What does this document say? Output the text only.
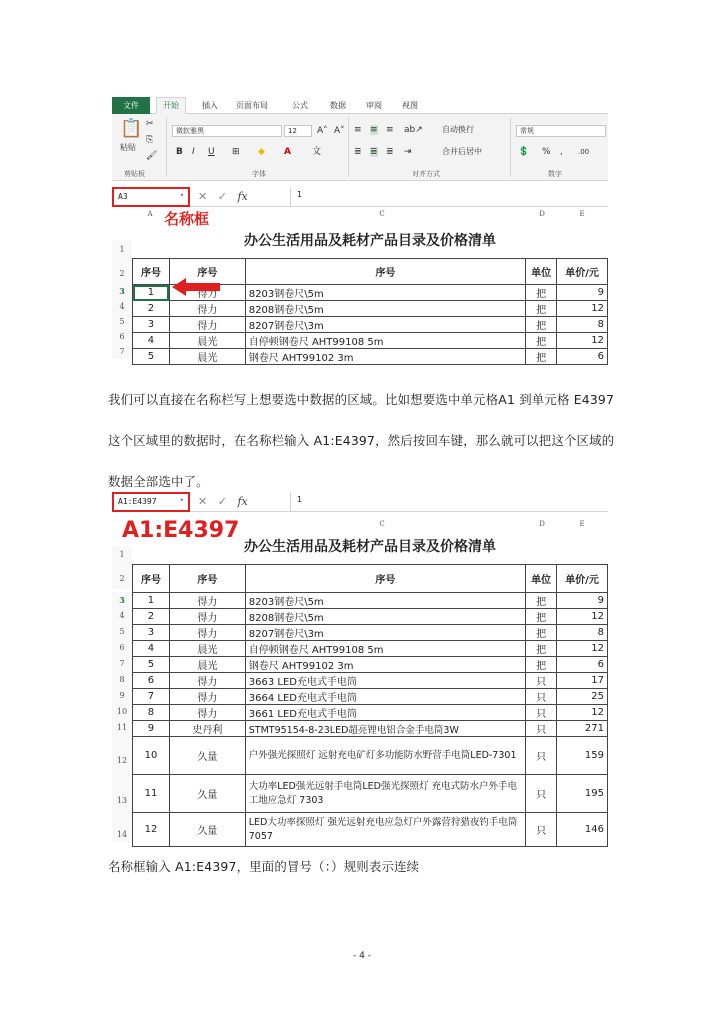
文件	开始	插入 页面布局	公式	数据	审阅	视图
📋
粘贴
✂
⎘
🖌
剪贴板
微软雅黑	12	A˄ A˅
B I U ⊞ ◆ A 文
字体
≡ ≡ ≡ ab↗
≣ ≣ ≣ ⇥
自动换行
合并后居中
对齐方式
常规
💲 % , .00
数字
A3	▾ ✕ ✓ fx	1
A	C	D	E
名称框
1
2
3
4
5
6
7
办公生活用品及耗材产品目录及价格清单
序号	序号	序号	单位	单价/元
1	得力	8203钢卷尺\5m	把	9
2	得力	8208钢卷尺\5m	把	12
3	得力	8207钢卷尺\3m	把	8
4	晨光	自停顿钢卷尺 AHT99108 5m	把	12
5	晨光	钢卷尺 AHT99102 3m	把	6
我们可以直接在名称栏写上想要选中数据的区域。比如想要选中单元格A1 到单元格 E4397 这个区域里的数据时，在名称栏输入 A1:E4397，然后按回车键，那么就可以把这个区域的数据全部选中了。
A1:E4397	▾ ✕ ✓ fx	1
A1:E4397	C	D	E
1
2
3
4
5
6
7
8
9
10
11
12
13
14
办公生活用品及耗材产品目录及价格清单
序号	序号	序号	单位	单价/元
1	得力	8203钢卷尺\5m	把	9
2	得力	8208钢卷尺\5m	把	12
3	得力	8207钢卷尺\3m	把	8
4	晨光	自停顿钢卷尺 AHT99108 5m	把	12
5	晨光	钢卷尺 AHT99102 3m	把	6
6	得力	3663 LED充电式手电筒	只	17
7	得力	3664 LED充电式手电筒	只	25
8	得力	3661 LED充电式手电筒	只	12
9	史丹利	STMT95154-8-23LED超亮锂电铝合金手电筒3W	只	271
10	久量	户外强光探照灯 远射充电矿灯多功能防水野营手电筒LED-7301	只	159
11	久量	大功率LED强光远射手电筒LED强光探照灯 充电式防水户外手电工地应急灯 7303	只	195
12	久量	LED大功率探照灯 强光远射充电应急灯户外露营狩猎夜钓手电筒 7057	只	146
名称框输入 A1:E4397，里面的冒号（：）规则表示连续
- 4 -
